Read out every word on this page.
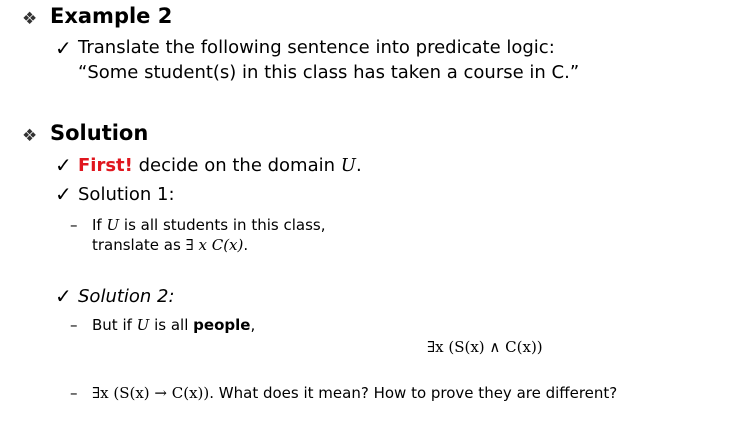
❖ Example 2
✓ Translate the following sentence into predicate logic:
“Some student(s) in this class has taken a course in C.”
❖ Solution
✓ First! decide on the domain U.
✓ Solution 1:
– If U is all students in this class,
translate as ∃ x C(x).
✓ Solution 2:
– But if U is all people,
∃x (S(x) ∧ C(x))
– ∃x (S(x) → C(x)). What does it mean? How to prove they are different?
